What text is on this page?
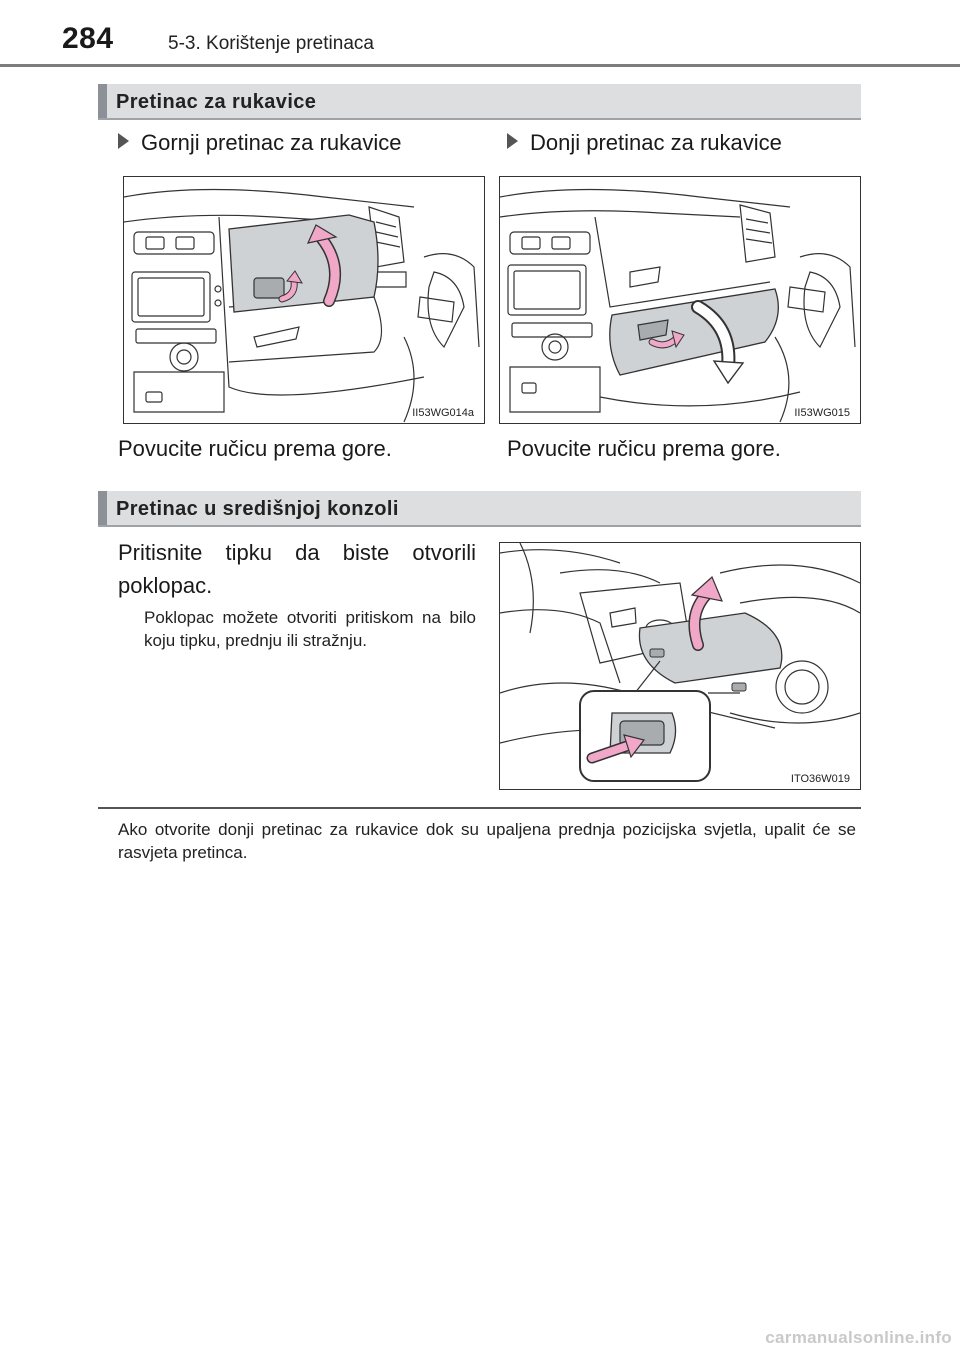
284	5-3. Korištenje pretinaca
Pretinac za rukavice
Gornji pretinac za rukavice	Donji pretinac za rukavice
II53WG014a	II53WG015
Povucite ručicu prema gore.	Povucite ručicu prema gore.
Pretinac u središnjoj konzoli
Pritisnite tipku da biste otvorili poklopac.
Poklopac možete otvoriti pritiskom na bilo koju tipku, prednju ili stražnju.
ITO36W019
Ako otvorite donji pretinac za rukavice dok su upaljena prednja pozicijska svjetla, upalit će se rasvjeta pretinca.
carmanualsonline.info
